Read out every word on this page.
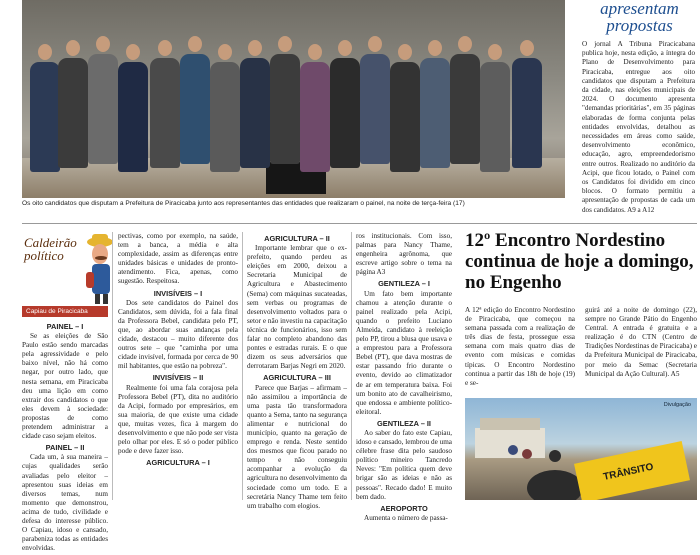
Os oito candidatos que disputam a Prefeitura de Piracicaba junto aos representantes das entidades que realizaram o painel, na noite de terça-feira (17)
apresentam
propostas
O jornal A Tribuna Piracicabana publica hoje, nesta edição, a íntegra do Plano de Desenvolvimento para Piracicaba, entregue aos oito candidatos que disputam a Prefeitura da cidade, nas eleições municipais de 2024. O documento apresenta "demandas prioritárias", em 35 páginas elaboradas de forma conjunta pelas entidades envolvidas, detalhou as necessidades em áreas como saúde, desenvolvimento econômico, educação, agro, empreendedorismo entre outros. Realizado no auditório da Acipi, que ficou lotado, o Painel com os Candidatos foi dividido em cinco blocos. O formato permitiu a apresentação de propostas de cada um dos candidatos. A9 a A12
Caldeirão político
Capiau de Piracicaba
PAINEL – I

Se as eleições de São Paulo estão sendo marcadas pela agressividade e pelo baixo nível, não há como negar, por outro lado, que nesta semana, em Piracicaba deu uma lição em como extrair dos candidatos o que eles devem à sociedade: propostas de como pretendem administrar a cidade caso sejam eleitos.

PAINEL – II

Cada um, à sua maneira – cujas qualidades serão avaliadas pelo eleitor – apresentou suas ideias em diversos temas, num momento que demonstrou, acima de tudo, civilidade e defesa do interesse público. O Capiau, idoso e cansado, parabeniza todas as entidades envolvidas.

pectivas, como por exemplo, na saúde, tem a banca, a média e alta complexidade, assim as diferenças entre unidades básicas e unidades de pronto-atendimento. Fica, apenas, como sugestão. Respeitosa.

INVISÍVEIS – I

Dos sete candidatos do Painel dos Candidatos, sem dúvida, foi a fala final da Professora Bebel, candidata pelo PT, que, ao abordar suas andanças pela cidade, destacou – muito diferente dos outros sete – que "caminha por uma cidade invisível, formada por cerca de 90 mil habitantes, que estão na pobreza".

INVISÍVEIS – II

Realmente foi uma fala corajosa pela Professora Bebel (PT), dita no auditório da Acipi, formado por empresários, em sua maioria, de que existe uma cidade que, muitas vezes, fica à margem do desenvolvimento e que não pode ser vista pelo olhar por eles. E só o poder público pode e deve fazer isso.

AGRICULTURA – I
AGRICULTURA – II

Importante lembrar que o ex-prefeito, quando perdeu as eleições em 2000, deixou a Secretaria Municipal de Agricultura e Abastecimento (Sema) com máquinas sucateadas, sem verbas ou programas de desenvolvimento voltados para o setor e não investiu na capacitação técnica de funcionários, isso sem falar no completo abandono das pontes e estradas rurais. E o que dizem os seus adversários que derrotaram Barjas Negri em 2020.

AGRICULTURA – III

Parece que Barjas – afirmam – não assimilou a importância de uma pasta tão transformadora quanto a Sema, tanto na segurança alimentar e nutricional do município, quanto na geração de emprego e renda. Neste sentido dos mesmos que ficou parado no tempo e não conseguiu acompanhar a evolução da agricultura no desenvolvimento da sociedade como um todo. E a secretária Nancy Thame tem feito um trabalho com elogios.

ros institucionais. Com isso, palmas para Nancy Thame, engenheira agrônoma, que escreve artigo sobre o tema na página A3

GENTILEZA – I

Um fato bem importante chamou a atenção durante o painel realizado pela Acipi, quando o prefeito Luciano Almeida, candidato à reeleição pelo PP, tirou a blusa que usava e a emprestou para a Professora Bebel (PT), que dava mostras de estar passando frio durante o evento, devido ao climatizador de ar em temperatura baixa. Foi um bonito ato de cavalheirismo, que endossa e ambiente político-eleitoral.

GENTILEZA – II

Ao saber do fato este Capiau, idoso e cansado, lembrou de uma célebre frase dita pelo saudoso político mineiro Tancredo Neves: "Em política quem deve brigar são as ideias e não as pessoas". Recado dado! E muito bem dado.

AEROPORTO

Aumenta o número de passa-

12º Encontro Nordestino continua de hoje a domingo, no Engenho
A 12ª edição do Encontro Nordestino de Piracicaba, que começou na semana passada com a realização de três dias de festa, prossegue essa semana com mais quatro dias de evento com músicas e comidas típicas. O Encontro Nordestino continua a partir das 18h de hoje (19) e se-
guirá até a noite de domingo (22), sempre no Grande Pátio do Engenho Central. A entrada é gratuita e a realização é do CTN (Centro de Tradições Nordestinas de Piracicaba) e da Prefeitura Municipal de Piracicaba, por meio da Semac (Secretaria Municipal da Ação Cultural). A5
Divulgação
TRÂNSITO
